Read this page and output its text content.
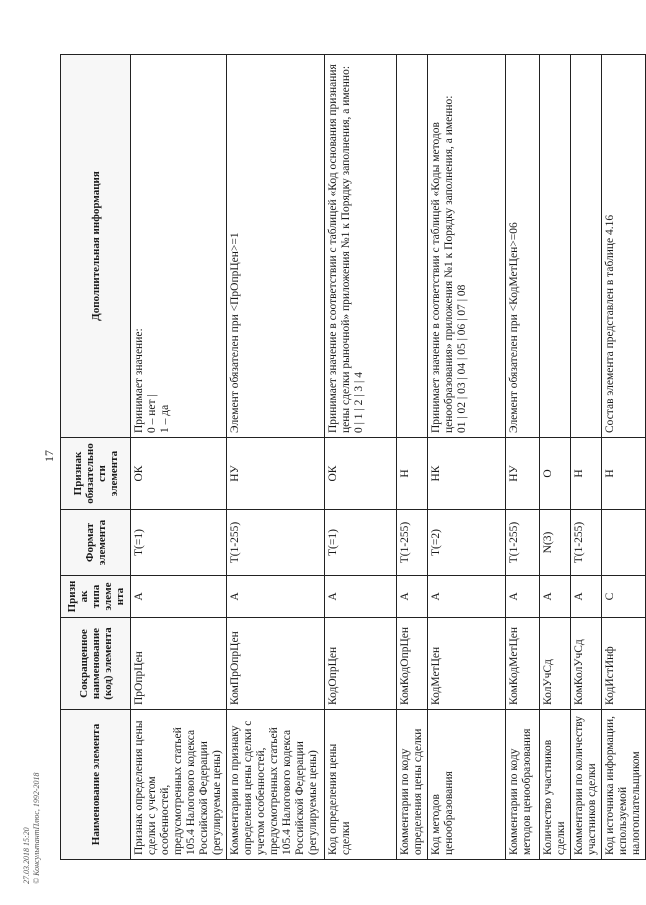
17
27.03.2018 15:20 © КонсультантПлюс, 1992-2018	Наименование элемента	Сокращенное наименование (код) элемента	Признак типа элемента	Формат элемента	Признак обязательности элемента	Дополнительная информация
Признак определения цены сделки с учетом особенностей, предусмотренных статьей 105.4 Налогового кодекса Российской Федерации (регулируемые цены)	ПрОпрЦен	А	T(=1)	ОК	Принимает значение: 0 – нет | 1 – да

Комментарии по признаку определения цены сделки с учетом особенностей, предусмотренных статьей 105.4 Налогового кодекса Российской Федерации (регулируемые цены)	КомПрОпрЦен	А	T(1-255)	НУ	Элемент обязателен при <ПрОпрЦен>=1

Код определения цены сделки	КодОпрЦен	А	T(=1)	ОК	Принимает значение в соответствии с таблицей «Код основания признания цены сделки рыночной» приложения №1 к Порядку заполнения, а именно: 0 | 1 | 2 | 3 | 4

Комментарии по коду определения цены сделки	КомКодОпрЦен	А	T(1-255)	Н	
Код методов ценообразования	КодМетЦен	А	T(=2)	НК	Принимает значение в соответствии с таблицей «Коды методов ценообразования» приложения №1 к Порядку заполнения, а именно: 01 | 02 | 03 | 04 | 05 | 06 | 07 | 08

Комментарии по коду методов ценообразования	КомКодМетЦен	А	T(1-255)	НУ	Элемент обязателен при <КодМетЦен>=06

Количество участников сделки	КолУчСд	А	N(3)	О	
Комментарии по количеству участников сделки	КомКолУчСд	А	T(1-255)	Н	
Код источника информации, используемой налогоплательщиком	КодИстИнф	С		Н	Состав элемента представлен в таблице 4.16
